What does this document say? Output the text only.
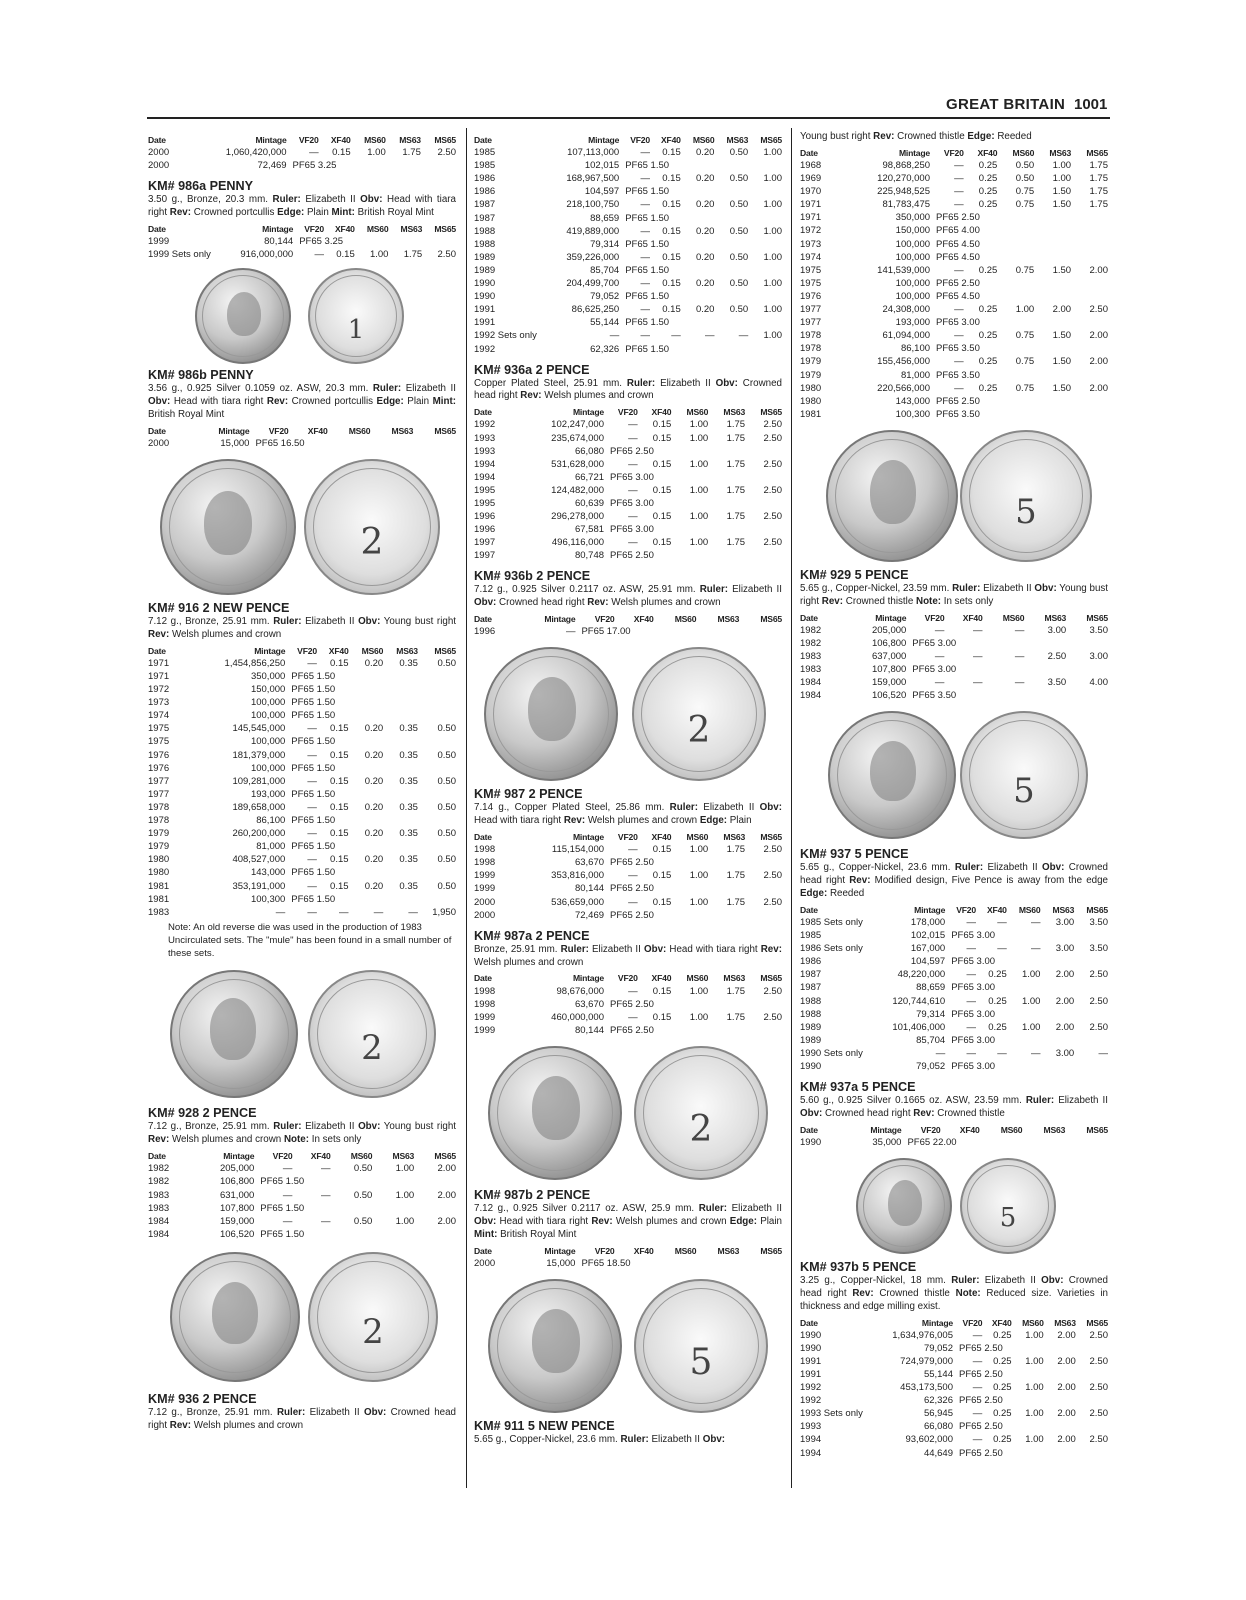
GREAT BRITAIN 1001
Date	Mintage	VF20	XF40	MS60	MS63	MS65
2000	1,060,420,000	—	0.15	1.00	1.75	2.50
2000	72,469	PF65 3.25				
KM# 986a PENNY
3.50 g., Bronze, 20.3 mm. Ruler: Elizabeth II Obv: Head with tiara right Rev: Crowned portcullis Edge: Plain Mint: British Royal Mint
Date	Mintage	VF20	XF40	MS60	MS63	MS65
1999	80,144	PF65 3.25				
1999 Sets only	916,000,000	—	0.15	1.00	1.75	2.50
1
KM# 986b PENNY
3.56 g., 0.925 Silver 0.1059 oz. ASW, 20.3 mm. Ruler: Elizabeth II Obv: Head with tiara right Rev: Crowned portcullis Edge: Plain Mint: British Royal Mint
Date	Mintage	VF20	XF40	MS60	MS63	MS65
2000	15,000	PF65 16.50				
2
KM# 916 2 NEW PENCE
7.12 g., Bronze, 25.91 mm. Ruler: Elizabeth II Obv: Young bust right Rev: Welsh plumes and crown
Date	Mintage	VF20	XF40	MS60	MS63	MS65
1971	1,454,856,250	—	0.15	0.20	0.35	0.50
1971	350,000	PF65 1.50				
1972	150,000	PF65 1.50				
1973	100,000	PF65 1.50				
1974	100,000	PF65 1.50				
1975	145,545,000	—	0.15	0.20	0.35	0.50
1975	100,000	PF65 1.50				
1976	181,379,000	—	0.15	0.20	0.35	0.50
1976	100,000	PF65 1.50				
1977	109,281,000	—	0.15	0.20	0.35	0.50
1977	193,000	PF65 1.50				
1978	189,658,000	—	0.15	0.20	0.35	0.50
1978	86,100	PF65 1.50				
1979	260,200,000	—	0.15	0.20	0.35	0.50
1979	81,000	PF65 1.50				
1980	408,527,000	—	0.15	0.20	0.35	0.50
1980	143,000	PF65 1.50				
1981	353,191,000	—	0.15	0.20	0.35	0.50
1981	100,300	PF65 1.50				
1983	—	—	—	—	—	1,950
Note: An old reverse die was used in the production of 1983 Uncirculated sets. The "mule" has been found in a small number of these sets.
2
KM# 928 2 PENCE
7.12 g., Bronze, 25.91 mm. Ruler: Elizabeth II Obv: Young bust right Rev: Welsh plumes and crown Note: In sets only
Date	Mintage	VF20	XF40	MS60	MS63	MS65
1982	205,000	—	—	0.50	1.00	2.00
1982	106,800	PF65 1.50				
1983	631,000	—	—	0.50	1.00	2.00
1983	107,800	PF65 1.50				
1984	159,000	—	—	0.50	1.00	2.00
1984	106,520	PF65 1.50				
2
KM# 936 2 PENCE
7.12 g., Bronze, 25.91 mm. Ruler: Elizabeth II Obv: Crowned head right Rev: Welsh plumes and crown
Date	Mintage	VF20	XF40	MS60	MS63	MS65
1985	107,113,000	—	0.15	0.20	0.50	1.00
1985	102,015	PF65 1.50				
1986	168,967,500	—	0.15	0.20	0.50	1.00
1986	104,597	PF65 1.50				
1987	218,100,750	—	0.15	0.20	0.50	1.00
1987	88,659	PF65 1.50				
1988	419,889,000	—	0.15	0.20	0.50	1.00
1988	79,314	PF65 1.50				
1989	359,226,000	—	0.15	0.20	0.50	1.00
1989	85,704	PF65 1.50				
1990	204,499,700	—	0.15	0.20	0.50	1.00
1990	79,052	PF65 1.50				
1991	86,625,250	—	0.15	0.20	0.50	1.00
1991	55,144	PF65 1.50				
1992 Sets only	—	—	—	—	—	1.00
1992	62,326	PF65 1.50				
KM# 936a 2 PENCE
Copper Plated Steel, 25.91 mm. Ruler: Elizabeth II Obv: Crowned head right Rev: Welsh plumes and crown
Date	Mintage	VF20	XF40	MS60	MS63	MS65
1992	102,247,000	—	0.15	1.00	1.75	2.50
1993	235,674,000	—	0.15	1.00	1.75	2.50
1993	66,080	PF65 2.50				
1994	531,628,000	—	0.15	1.00	1.75	2.50
1994	66,721	PF65 3.00				
1995	124,482,000	—	0.15	1.00	1.75	2.50
1995	60,639	PF65 3.00				
1996	296,278,000	—	0.15	1.00	1.75	2.50
1996	67,581	PF65 3.00				
1997	496,116,000	—	0.15	1.00	1.75	2.50
1997	80,748	PF65 2.50				
KM# 936b 2 PENCE
7.12 g., 0.925 Silver 0.2117 oz. ASW, 25.91 mm. Ruler: Elizabeth II Obv: Crowned head right Rev: Welsh plumes and crown
Date	Mintage	VF20	XF40	MS60	MS63	MS65
1996	—	PF65 17.00				
2
KM# 987 2 PENCE
7.14 g., Copper Plated Steel, 25.86 mm. Ruler: Elizabeth II Obv: Head with tiara right Rev: Welsh plumes and crown Edge: Plain
Date	Mintage	VF20	XF40	MS60	MS63	MS65
1998	115,154,000	—	0.15	1.00	1.75	2.50
1998	63,670	PF65 2.50				
1999	353,816,000	—	0.15	1.00	1.75	2.50
1999	80,144	PF65 2.50				
2000	536,659,000	—	0.15	1.00	1.75	2.50
2000	72,469	PF65 2.50				
KM# 987a 2 PENCE
Bronze, 25.91 mm. Ruler: Elizabeth II Obv: Head with tiara right Rev: Welsh plumes and crown
Date	Mintage	VF20	XF40	MS60	MS63	MS65
1998	98,676,000	—	0.15	1.00	1.75	2.50
1998	63,670	PF65 2.50				
1999	460,000,000	—	0.15	1.00	1.75	2.50
1999	80,144	PF65 2.50				
2
KM# 987b 2 PENCE
7.12 g., 0.925 Silver 0.2117 oz. ASW, 25.9 mm. Ruler: Elizabeth II Obv: Head with tiara right Rev: Welsh plumes and crown Edge: Plain Mint: British Royal Mint
Date	Mintage	VF20	XF40	MS60	MS63	MS65
2000	15,000	PF65 18.50				
5
KM# 911 5 NEW PENCE
5.65 g., Copper-Nickel, 23.6 mm. Ruler: Elizabeth II Obv:
Young bust right Rev: Crowned thistle Edge: Reeded
Date	Mintage	VF20	XF40	MS60	MS63	MS65
1968	98,868,250	—	0.25	0.50	1.00	1.75
1969	120,270,000	—	0.25	0.50	1.00	1.75
1970	225,948,525	—	0.25	0.75	1.50	1.75
1971	81,783,475	—	0.25	0.75	1.50	1.75
1971	350,000	PF65 2.50				
1972	150,000	PF65 4.00				
1973	100,000	PF65 4.50				
1974	100,000	PF65 4.50				
1975	141,539,000	—	0.25	0.75	1.50	2.00
1975	100,000	PF65 2.50				
1976	100,000	PF65 4.50				
1977	24,308,000	—	0.25	1.00	2.00	2.50
1977	193,000	PF65 3.00				
1978	61,094,000	—	0.25	0.75	1.50	2.00
1978	86,100	PF65 3.50				
1979	155,456,000	—	0.25	0.75	1.50	2.00
1979	81,000	PF65 3.50				
1980	220,566,000	—	0.25	0.75	1.50	2.00
1980	143,000	PF65 2.50				
1981	100,300	PF65 3.50				
5
KM# 929 5 PENCE
5.65 g., Copper-Nickel, 23.59 mm. Ruler: Elizabeth II Obv: Young bust right Rev: Crowned thistle Note: In sets only
Date	Mintage	VF20	XF40	MS60	MS63	MS65
1982	205,000	—	—	—	3.00	3.50
1982	106,800	PF65 3.00				
1983	637,000	—	—	—	2.50	3.00
1983	107,800	PF65 3.00				
1984	159,000	—	—	—	3.50	4.00
1984	106,520	PF65 3.50				
5
KM# 937 5 PENCE
5.65 g., Copper-Nickel, 23.6 mm. Ruler: Elizabeth II Obv: Crowned head right Rev: Modified design, Five Pence is away from the edge Edge: Reeded
Date	Mintage	VF20	XF40	MS60	MS63	MS65
1985 Sets only	178,000	—	—	—	3.00	3.50
1985	102,015	PF65 3.00				
1986 Sets only	167,000	—	—	—	3.00	3.50
1986	104,597	PF65 3.00				
1987	48,220,000	—	0.25	1.00	2.00	2.50
1987	88,659	PF65 3.00				
1988	120,744,610	—	0.25	1.00	2.00	2.50
1988	79,314	PF65 3.00				
1989	101,406,000	—	0.25	1.00	2.00	2.50
1989	85,704	PF65 3.00				
1990 Sets only	—	—	—	—	3.00	—
1990	79,052	PF65 3.00				
KM# 937a 5 PENCE
5.60 g., 0.925 Silver 0.1665 oz. ASW, 23.59 mm. Ruler: Elizabeth II Obv: Crowned head right Rev: Crowned thistle
Date	Mintage	VF20	XF40	MS60	MS63	MS65
1990	35,000	PF65 22.00				
5
KM# 937b 5 PENCE
3.25 g., Copper-Nickel, 18 mm. Ruler: Elizabeth II Obv: Crowned head right Rev: Crowned thistle Note: Reduced size. Varieties in thickness and edge milling exist.
Date	Mintage	VF20	XF40	MS60	MS63	MS65
1990	1,634,976,005	—	0.25	1.00	2.00	2.50
1990	79,052	PF65 2.50				
1991	724,979,000	—	0.25	1.00	2.00	2.50
1991	55,144	PF65 2.50				
1992	453,173,500	—	0.25	1.00	2.00	2.50
1992	62,326	PF65 2.50				
1993 Sets only	56,945	—	0.25	1.00	2.00	2.50
1993	66,080	PF65 2.50				
1994	93,602,000	—	0.25	1.00	2.00	2.50
1994	44,649	PF65 2.50				
